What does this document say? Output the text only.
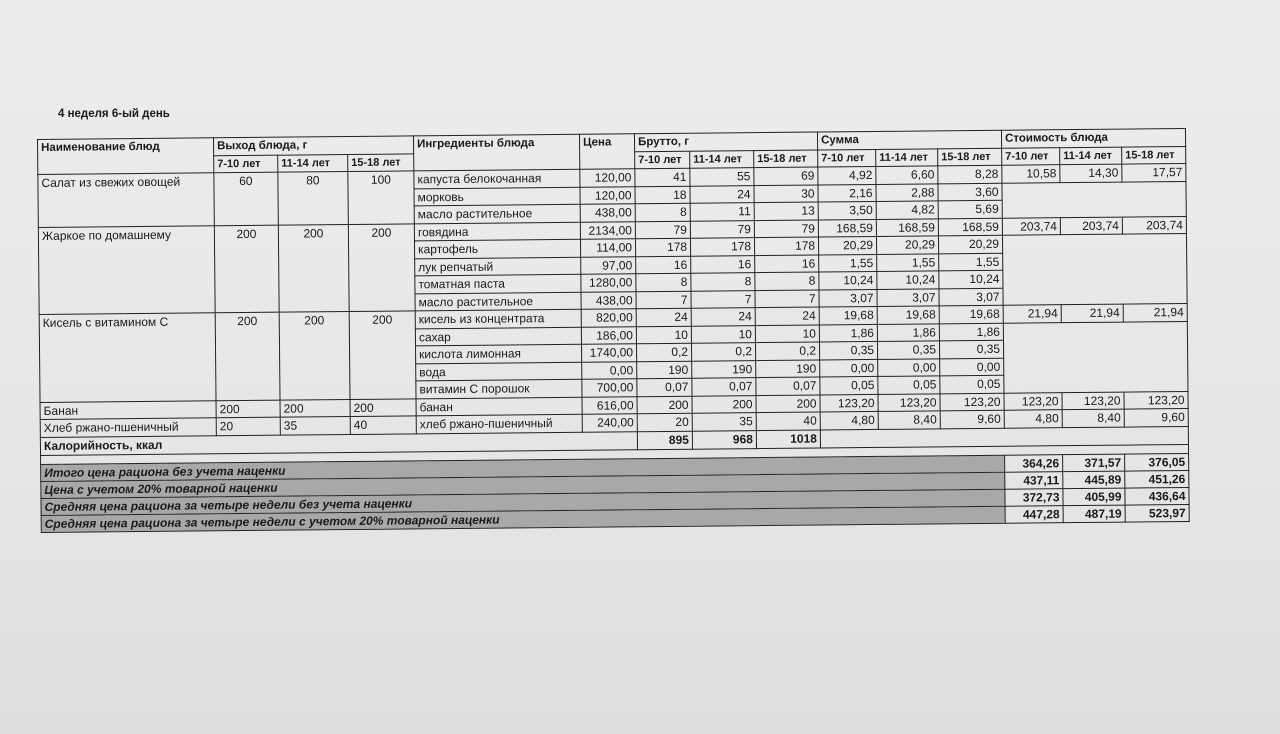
4 неделя 6-ый день
Наименование блюд	Выход блюда, г			Ингредиенты блюда	Цена	Брутто, г			Сумма			Стоимость блюда		
	7-10 лет	11-14 лет	15-18 лет			7-10 лет	11-14 лет	15-18 лет	7-10 лет	11-14 лет	15-18 лет	7-10 лет	11-14 лет	15-18 лет
Салат из свежих овощей	60	80	100	капуста белокочанная	120,00	41	55	69	4,92	6,60	8,28	10,58	14,30	17,57
				морковь	120,00	18	24	30	2,16	2,88	3,60			
				масло растительное	438,00	8	11	13	3,50	4,82	5,69			
Жаркое по домашнему	200	200	200	говядина	2134,00	79	79	79	168,59	168,59	168,59	203,74	203,74	203,74
				картофель	114,00	178	178	178	20,29	20,29	20,29			
				лук репчатый	97,00	16	16	16	1,55	1,55	1,55			
				томатная паста	1280,00	8	8	8	10,24	10,24	10,24			
				масло растительное	438,00	7	7	7	3,07	3,07	3,07			
Кисель с витамином С	200	200	200	кисель из концентрата	820,00	24	24	24	19,68	19,68	19,68	21,94	21,94	21,94
				сахар	186,00	10	10	10	1,86	1,86	1,86			
				кислота лимонная	1740,00	0,2	0,2	0,2	0,35	0,35	0,35			
				вода	0,00	190	190	190	0,00	0,00	0,00			
				витамин С порошок	700,00	0,07	0,07	0,07	0,05	0,05	0,05			
Банан	200	200	200	банан	616,00	200	200	200	123,20	123,20	123,20	123,20	123,20	123,20
Хлеб ржано-пшеничный	20	35	40	хлеб ржано-пшеничный	240,00	20	35	40	4,80	8,40	9,60	4,80	8,40	9,60
Калорийность, ккал						895	968	1018						

Итого цена рациона без учета наценки												364,26	371,57	376,05
Цена с учетом 20% товарной наценки												437,11	445,89	451,26
Средняя цена рациона за четыре недели без учета наценки												372,73	405,99	436,64
Средняя цена рациона за четыре недели с учетом 20% товарной наценки												447,28	487,19	523,97
